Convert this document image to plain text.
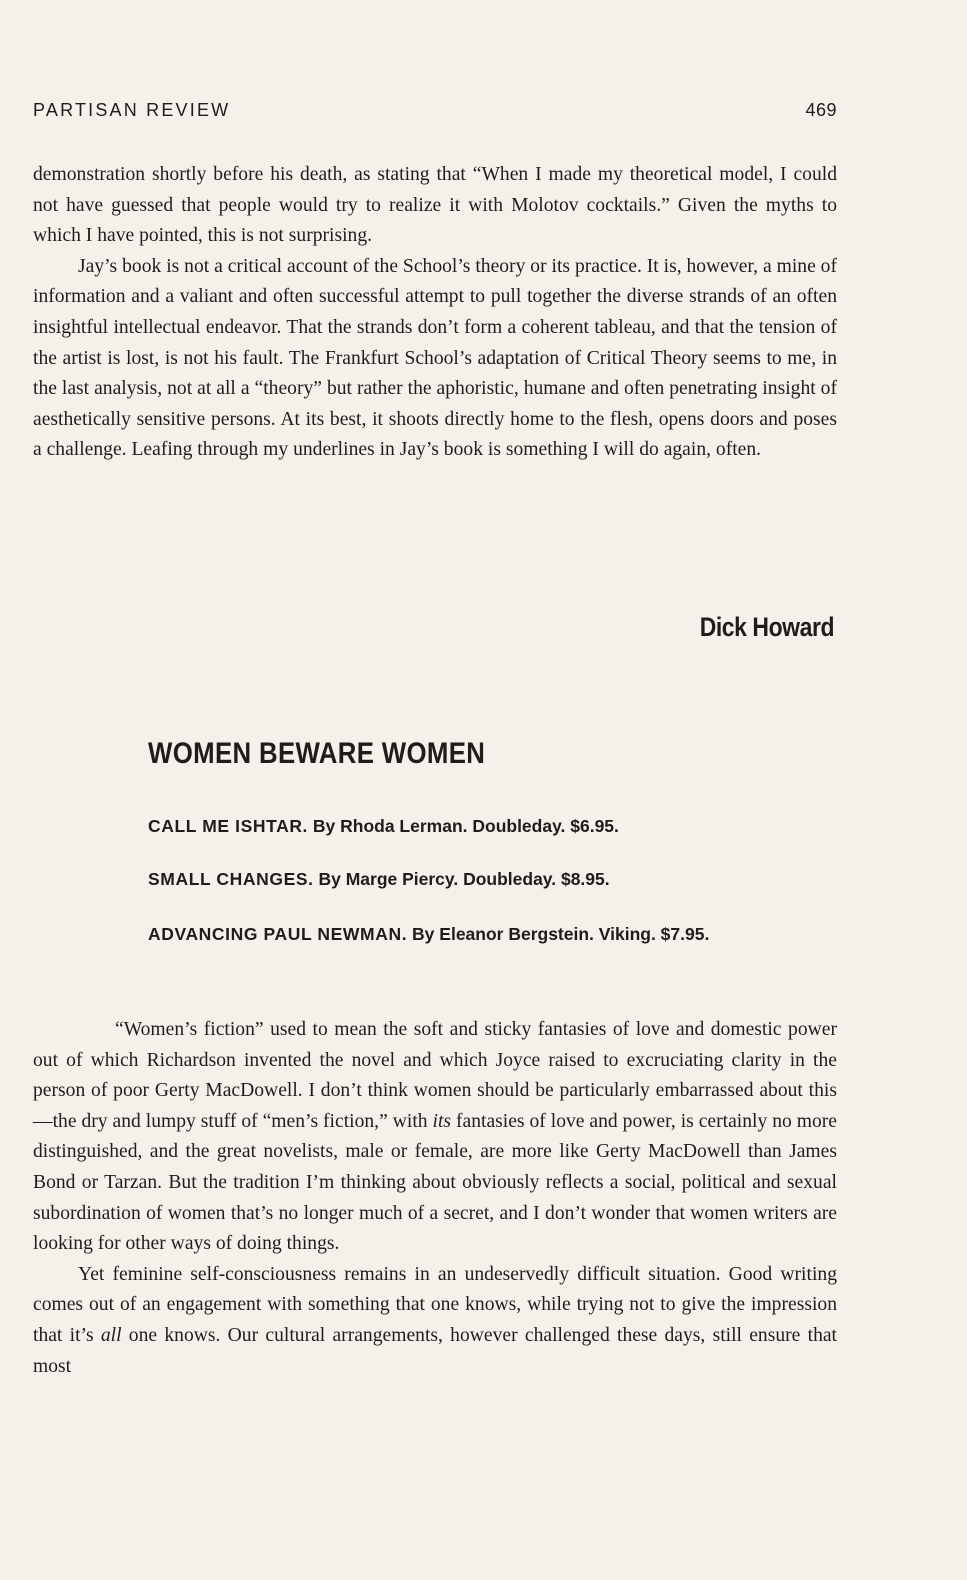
PARTISAN REVIEW	469

demonstration shortly before his death, as stating that “When I made my theoretical model, I could not have guessed that people would try to realize it with Molotov cocktails.” Given the myths to which I have pointed, this is not surprising.

Jay’s book is not a critical account of the School’s theory or its practice. It is, however, a mine of information and a valiant and often successful attempt to pull together the diverse strands of an often insightful intellectual endeavor. That the strands don’t form a coherent tableau, and that the tension of the artist is lost, is not his fault. The Frankfurt School’s adaptation of Critical Theory seems to me, in the last analysis, not at all a “theory” but rather the aphoristic, humane and often penetrating insight of aesthetically sensitive persons. At its best, it shoots directly home to the flesh, opens doors and poses a challenge. Leafing through my underlines in Jay’s book is something I will do again, often.

Dick Howard
WOMEN BEWARE WOMEN
CALL ME ISHTAR. By Rhoda Lerman. Doubleday. $6.95.
SMALL CHANGES. By Marge Piercy. Doubleday. $8.95.
ADVANCING PAUL NEWMAN. By Eleanor Bergstein. Viking. $7.95.

“Women’s fiction” used to mean the soft and sticky fantasies of love and domestic power out of which Richardson invented the novel and which Joyce raised to excruciating clarity in the person of poor Gerty MacDowell. I don’t think women should be particularly embarrassed about this—the dry and lumpy stuff of “men’s fiction,” with its fantasies of love and power, is certainly no more distinguished, and the great novelists, male or female, are more like Gerty MacDowell than James Bond or Tarzan. But the tradition I’m thinking about obviously reflects a social, political and sexual subordination of women that’s no longer much of a secret, and I don’t wonder that women writers are looking for other ways of doing things.

Yet feminine self-consciousness remains in an undeservedly difficult situation. Good writing comes out of an engagement with something that one knows, while trying not to give the impression that it’s all one knows. Our cultural arrangements, however challenged these days, still ensure that most
